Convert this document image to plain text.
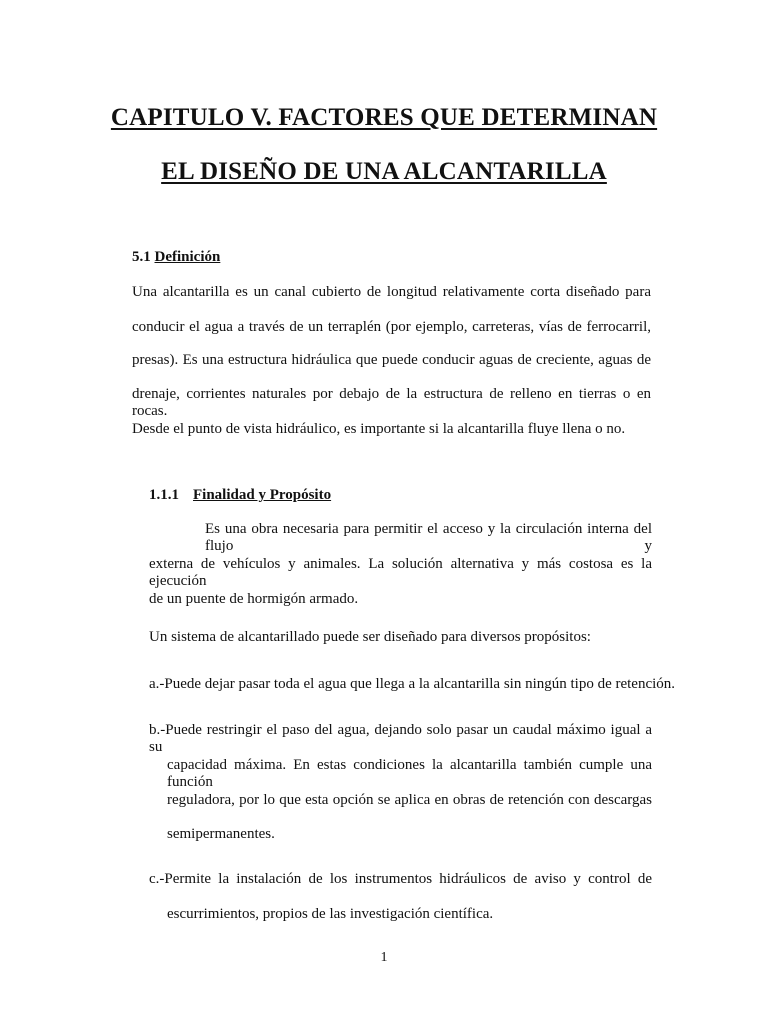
CAPITULO V. FACTORES QUE DETERMINAN
EL DISEÑO DE UNA ALCANTARILLA
5.1 Definición
Una alcantarilla es un canal cubierto de longitud relativamente corta diseñado para
conducir el agua a través de un terraplén (por ejemplo, carreteras, vías de ferrocarril,
presas). Es una estructura hidráulica que puede conducir aguas de creciente, aguas de
drenaje, corrientes naturales por debajo de la estructura de relleno en tierras o en rocas.
Desde el punto de vista hidráulico, es importante si la alcantarilla fluye llena o no.
1.1.1 Finalidad y Propósito
Es una obra necesaria para permitir el acceso y la circulación interna del flujo y
externa de vehículos y animales. La solución alternativa y más costosa es la ejecución
de un puente de hormigón armado.
Un sistema de alcantarillado puede ser diseñado para diversos propósitos:
a.-Puede dejar pasar toda el agua que llega a la alcantarilla sin ningún tipo de retención.
b.-Puede restringir el paso del agua, dejando solo pasar un caudal máximo igual a su
capacidad máxima. En estas condiciones la alcantarilla también cumple una función
reguladora, por lo que esta opción se aplica en obras de retención con descargas
semipermanentes.
c.-Permite la instalación de los instrumentos hidráulicos de aviso y control de
escurrimientos, propios de las investigación científica.
1
